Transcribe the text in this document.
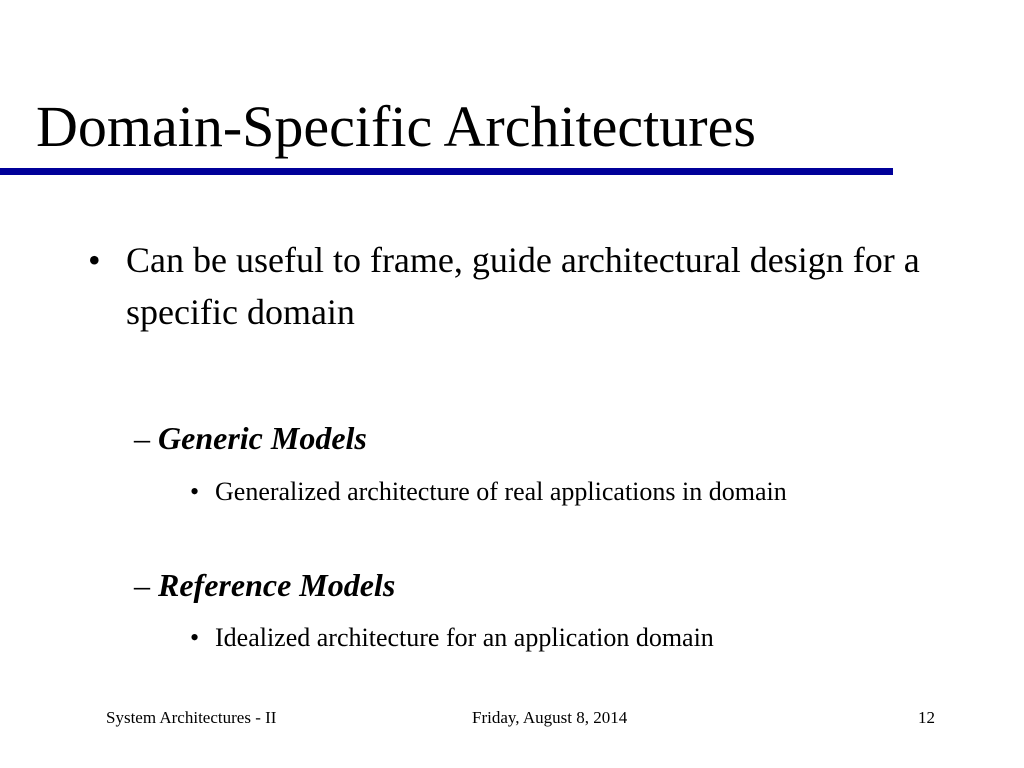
Domain-Specific Architectures
• Can be useful to frame, guide architectural design for a specific domain
– Generic Models
• Generalized architecture of real applications in domain
– Reference Models
• Idealized architecture for an application domain
System Architectures - II	Friday, August 8, 2014	12
